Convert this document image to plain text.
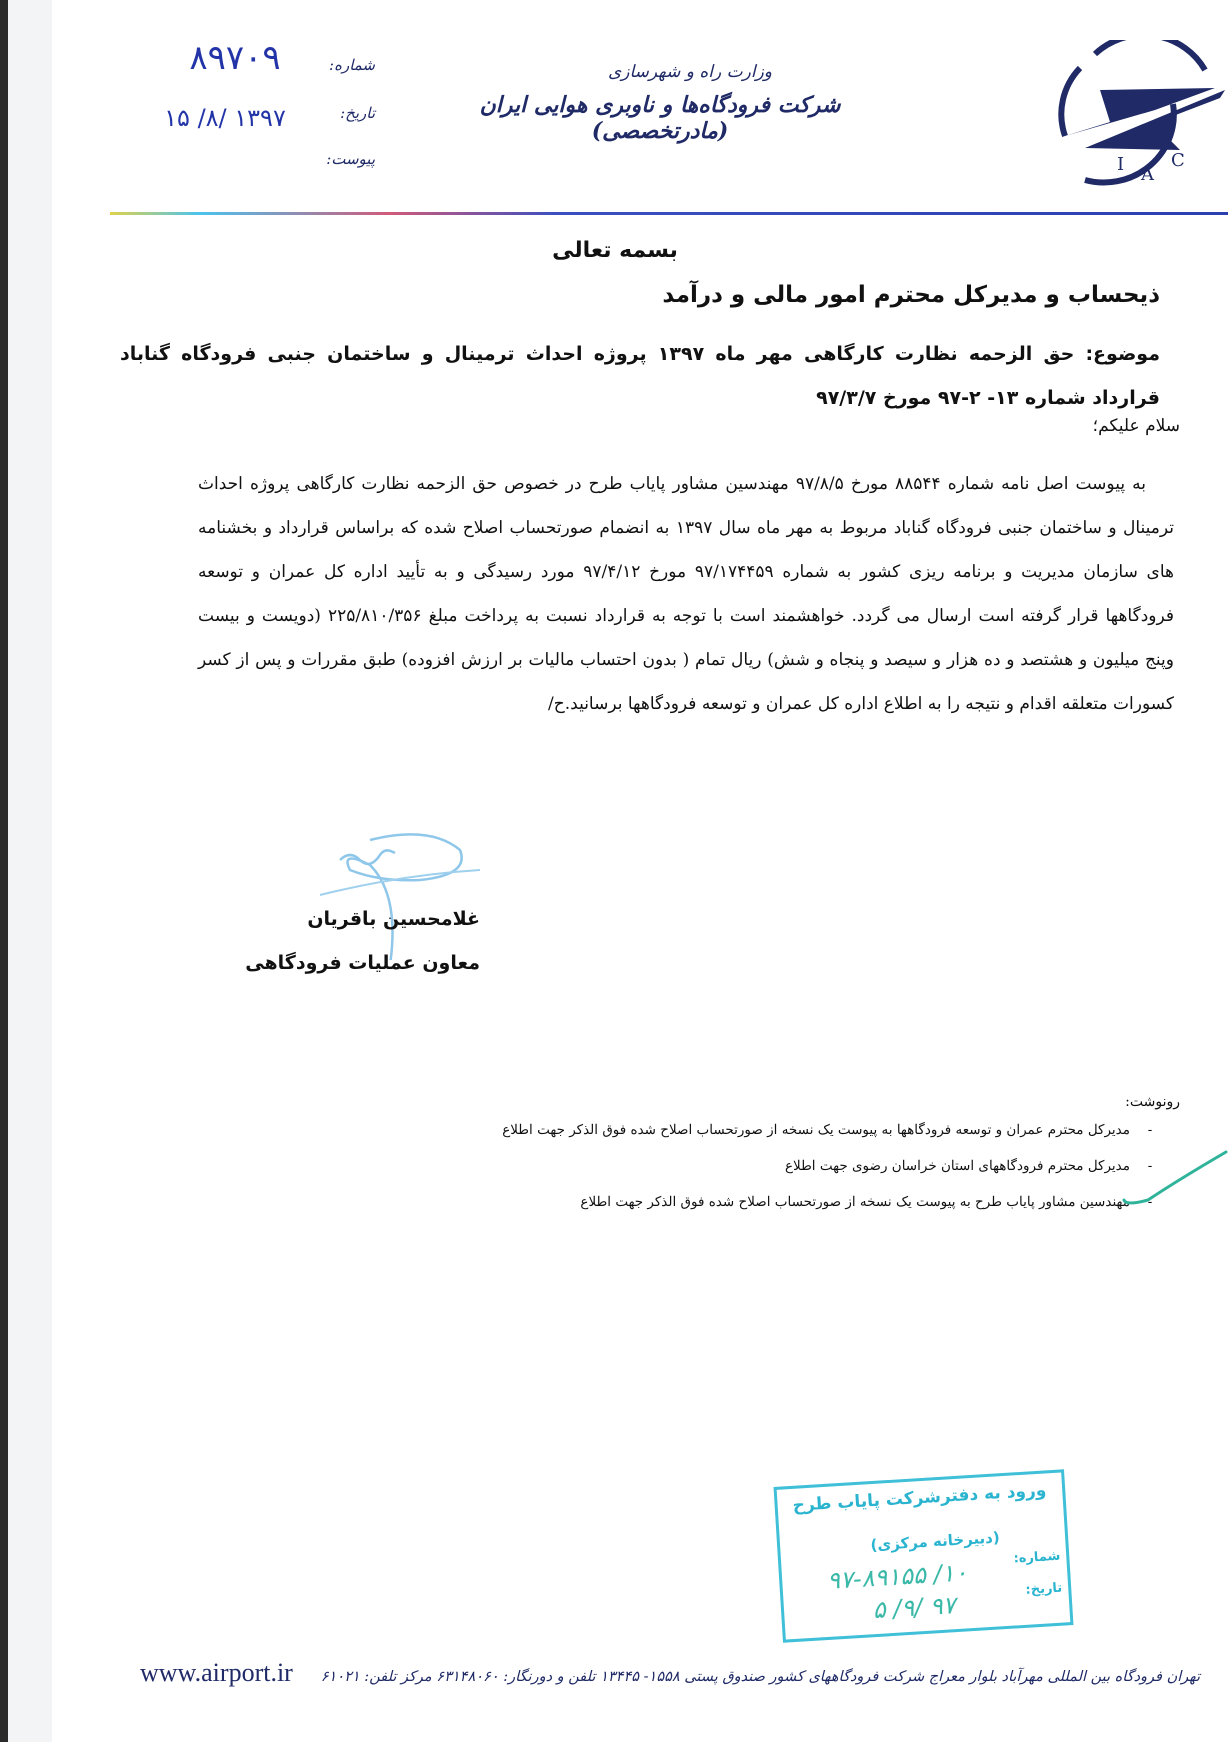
I A
C
وزارت راه و شهرسازی
شرکت فرودگاه‌ها و ناوبری هوایی ایران (مادرتخصصی)
شماره:
تاریخ:
پیوست:
۸۹۷۰۹
۱۳۹۷ /۸/ ۱۵
بسمه تعالی
ذیحساب و مدیرکل محترم امور مالی و درآمد
موضوع: حق الزحمه نظارت کارگاهی مهر ماه ۱۳۹۷ پروژه احداث ترمینال و ساختمان جنبی فرودگاه گناباد قرارداد شماره ۱۳- ۲-۹۷ مورخ ۹۷/۳/۷
سلام علیکم؛
به پیوست اصل نامه شماره ۸۸۵۴۴ مورخ ۹۷/۸/۵ مهندسین مشاور پایاب طرح در خصوص حق الزحمه نظارت کارگاهی پروژه احداث ترمینال و ساختمان جنبی فرودگاه گناباد مربوط به مهر ماه سال ۱۳۹۷ به انضمام صورتحساب اصلاح شده که براساس قرارداد و بخشنامه های سازمان مدیریت و برنامه ریزی کشور به شماره ۹۷/۱۷۴۴۵۹ مورخ ۹۷/۴/۱۲ مورد رسیدگی و به تأیید اداره کل عمران و توسعه فرودگاهها قرار گرفته است ارسال می گردد. خواهشمند است با توجه به قرارداد نسبت به پرداخت مبلغ ۲۲۵/۸۱۰/۳۵۶ (دویست و بیست وپنج میلیون و هشتصد و ده هزار و سیصد و پنجاه و شش) ریال تمام ( بدون احتساب مالیات بر ارزش افزوده) طبق مقررات و پس از کسر کسورات متعلقه اقدام و نتیجه را به اطلاع اداره کل عمران و توسعه فرودگاهها برسانید.ح/
غلامحسین باقریان
معاون عملیات فرودگاهی
رونوشت:
-
مدیرکل محترم عمران و توسعه فرودگاهها به پیوست یک نسخه از صورتحساب اصلاح شده فوق الذکر جهت اطلاع
-
مدیرکل محترم فرودگاههای استان خراسان رضوی جهت اطلاع
-
مهندسین مشاور پایاب طرح به پیوست یک نسخه از صورتحساب اصلاح شده فوق الذکر جهت اطلاع
ورود به دفترشرکت پایاب طرح
(دبیرخانه مرکزی)
شماره:
تاریخ:
۱۰/ ۹۷-۸۹۱۵۵
۹۷ /۹/ ۵
www.airport.ir تهران فرودگاه بین المللی مهرآباد بلوار معراج شرکت فرودگاههای کشور صندوق پستی ۱۵۵۸- ۱۳۴۴۵ تلفن و دورنگار: ۶۳۱۴۸۰۶۰ مرکز تلفن: ۶۱۰۲۱
